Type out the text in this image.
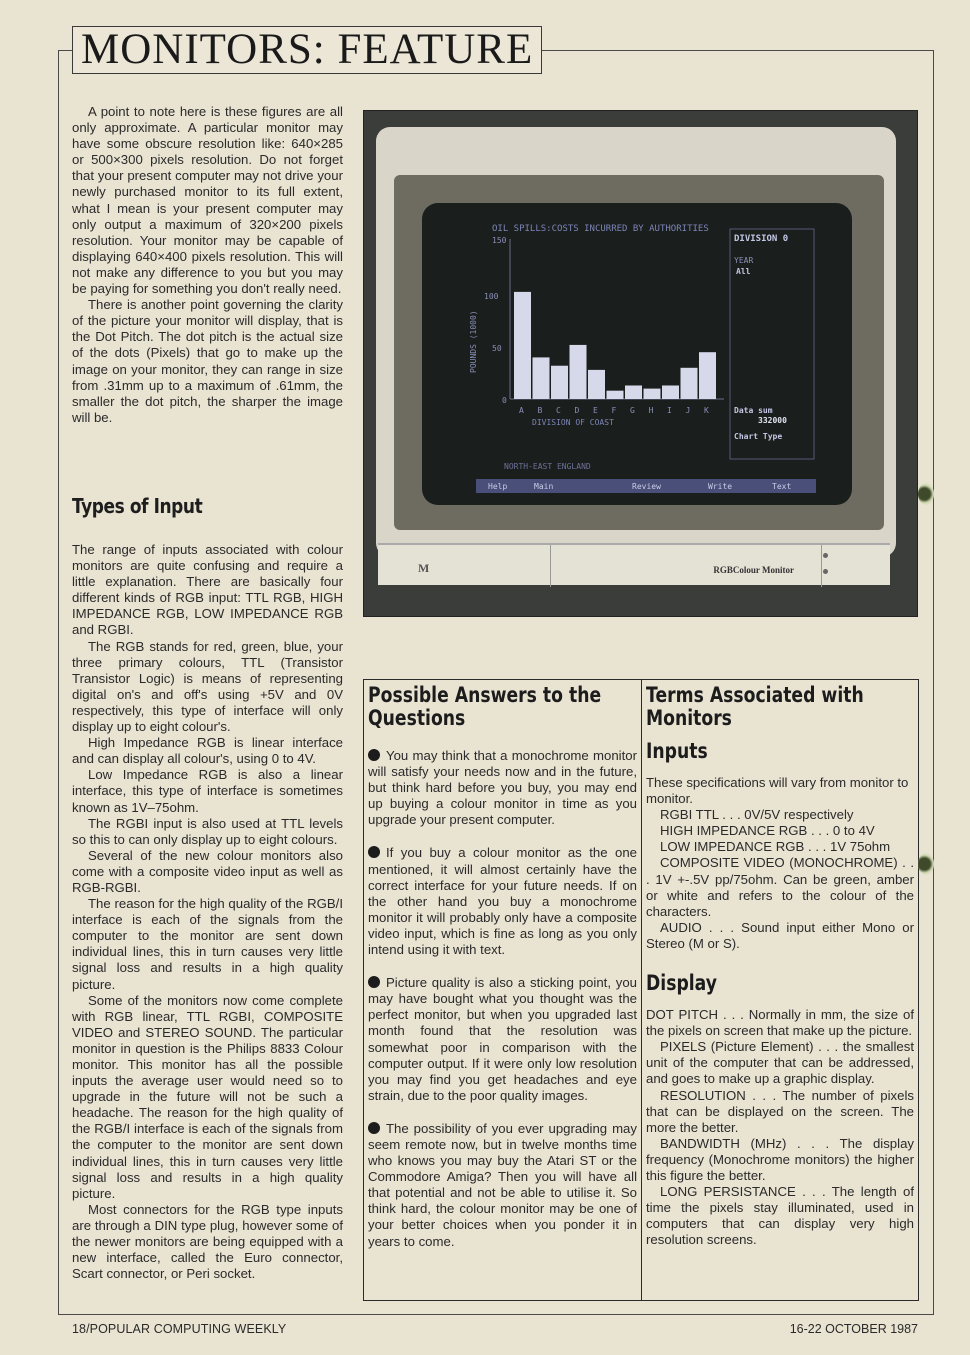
MONITORS: FEATURE

A point to note here is these figures are all only approximate. A particular monitor may have some obscure resolution like: 640×285 or 500×300 pixels resolution. Do not forget that your present computer may not drive your newly purchased monitor to its full extent, what I mean is your present computer may only output a maximum of 320×200 pixels resolution. Your monitor may be capable of displaying 640×400 pixels resolution. This will not make any difference to you but you may be paying for something you don't really need.

There is another point governing the clarity of the picture your monitor will display, that is the Dot Pitch. The dot pitch is the actual size of the dots (Pixels) that go to make up the image on your monitor, they can range in size from .31mm up to a maximum of .61mm, the smaller the dot pitch, the sharper the image will be.

Types of Input

The range of inputs associated with colour monitors are quite confusing and require a little explanation. There are basically four different kinds of RGB input: TTL RGB, HIGH IMPEDANCE RGB, LOW IMPEDANCE RGB and RGBI.

The RGB stands for red, green, blue, your three primary colours, TTL (Transistor Transistor Logic) is means of representing digital on's and off's using +5V and 0V respectively, this type of interface will only display up to eight colour's.

High Impedance RGB is linear interface and can display all colour's, using 0 to 4V.

Low Impedance RGB is also a linear interface, this type of interface is sometimes known as 1V–75ohm.

The RGBI input is also used at TTL levels so this to can only display up to eight colours.

Several of the new colour monitors also come with a composite video input as well as RGB-RGBI.

The reason for the high quality of the RGB/I interface is each of the signals from the computer to the monitor are sent down individual lines, this in turn causes very little signal loss and results in a high quality picture.

Some of the monitors now come complete with RGB linear, TTL RGBI, COMPOSITE VIDEO and STEREO SOUND. The particular monitor in question is the Philips 8833 Colour monitor. This monitor has all the possible inputs the average user would need so to upgrade in the future will not be such a headache. The reason for the high quality of the RGB/I interface is each of the signals from the computer to the monitor are sent down individual lines, this in turn causes very little signal loss and results in a high quality picture.

Most connectors for the RGB type inputs are through a DIN type plug, however some of the newer monitors are being equipped with a new interface, called the Euro connector, Scart connector, or Peri socket.

OIL SPILLS:COSTS INCURRED BY AUTHORITIES
150
100
50
0
POUNDS (1000)
A B C D E F G H I J K
DIVISION OF COAST
NORTH-EAST ENGLAND
DIVISION 0
YEAR
All
Data sum
332000
Chart Type
Help	Main	Review	Write	Text
M	RGBColour Monitor
Possible Answers to the Questions
You may think that a monochrome monitor will satisfy your needs now and in the future, but think hard before you buy, you may end up buying a colour monitor in time as you upgrade your present computer.
If you buy a colour monitor as the one mentioned, it will almost certainly have the correct interface for your future needs. If on the other hand you buy a monochrome monitor it will probably only have a composite video input, which is fine as long as you only intend using it with text.
Picture quality is also a sticking point, you may have bought what you thought was the perfect monitor, but when you upgraded last month found that the resolution was somewhat poor in comparison with the computer output. If it were only low resolution you may find you get headaches and eye strain, due to the poor quality images.
The possibility of you ever upgrading may seem remote now, but in twelve months time who knows you may buy the Atari ST or the Commodore Amiga? Then you will have all that potential and not be able to utilise it. So think hard, the colour monitor may be one of your better choices when you ponder it in years to come.
Terms Associated with Monitors
Inputs

These specifications will vary from monitor to monitor.

RGBI TTL . . . 0V/5V respectively
HIGH IMPEDANCE RGB . . . 0 to 4V
LOW IMPEDANCE RGB . . . 1V 75ohm

COMPOSITE VIDEO (MONOCHROME) . . . 1V +-.5V pp/75ohm. Can be green, amber or white and refers to the colour of the characters.

AUDIO . . . Sound input either Mono or Stereo (M or S).

Display

DOT PITCH . . . Normally in mm, the size of the pixels on screen that make up the picture.

PIXELS (Picture Element) . . . the smallest unit of the computer that can be addressed, and goes to make up a graphic display.

RESOLUTION . . . The number of pixels that can be displayed on the screen. The more the better.

BANDWIDTH (MHz) . . . The display frequency (Monochrome monitors) the higher this figure the better.

LONG PERSISTANCE . . . The length of time the pixels stay illuminated, used in computers that can display very high resolution screens.

18/POPULAR COMPUTING WEEKLY	16-22 OCTOBER 1987
